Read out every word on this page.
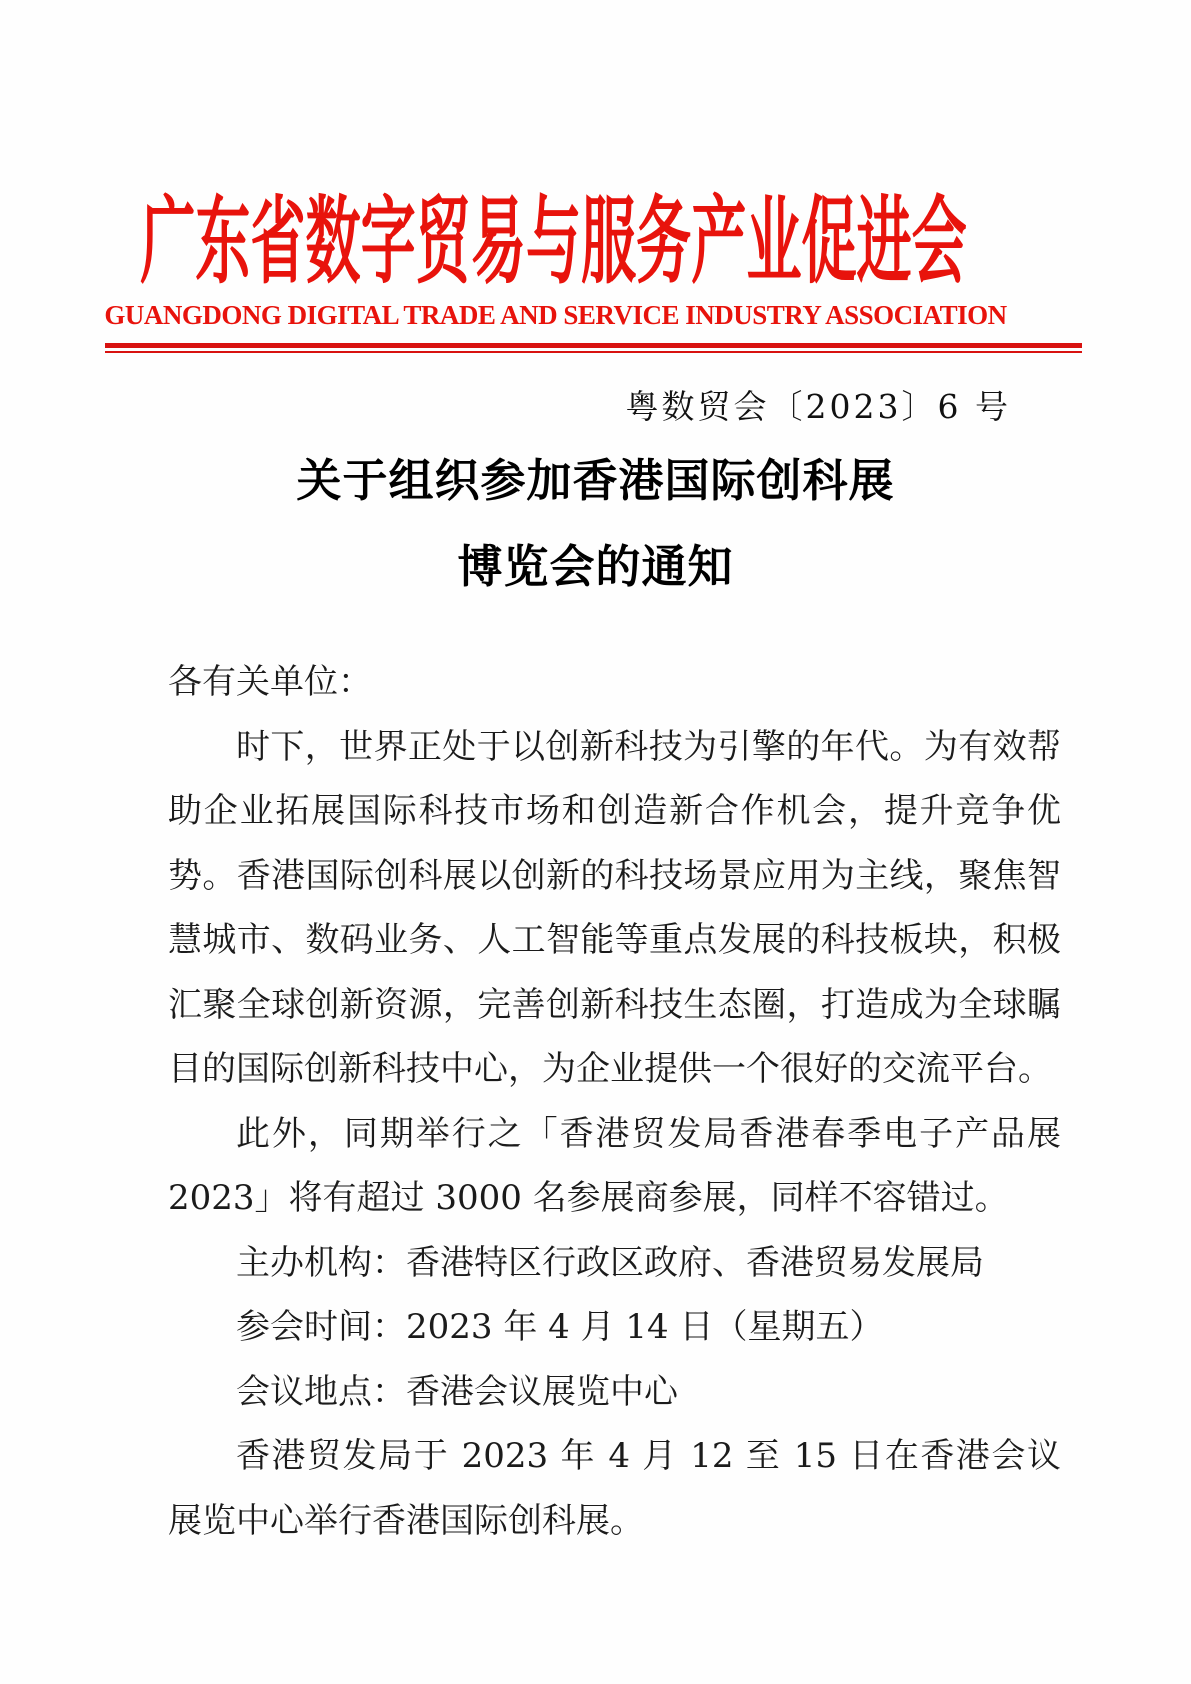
广东省数字贸易与服务产业促进会
GUANGDONG DIGITAL TRADE AND SERVICE INDUSTRY ASSOCIATION
粤数贸会〔2023〕6 号
关于组织参加香港国际创科展
博览会的通知
各有关单位：

时下，世界正处于以创新科技为引擎的年代。为有效帮助企业拓展国际科技市场和创造新合作机会，提升竞争优势。香港国际创科展以创新的科技场景应用为主线，聚焦智慧城市、数码业务、人工智能等重点发展的科技板块，积极汇聚全球创新资源，完善创新科技生态圈，打造成为全球瞩目的国际创新科技中心，为企业提供一个很好的交流平台。

此外，同期举行之「香港贸发局香港春季电子产品展 2023」将有超过 3000 名参展商参展，同样不容错过。

主办机构：香港特区行政区政府、香港贸易发展局

参会时间：2023 年 4 月 14 日（星期五）

会议地点：香港会议展览中心

香港贸发局于 2023 年 4 月 12 至 15 日在香港会议展览中心举行香港国际创科展。
